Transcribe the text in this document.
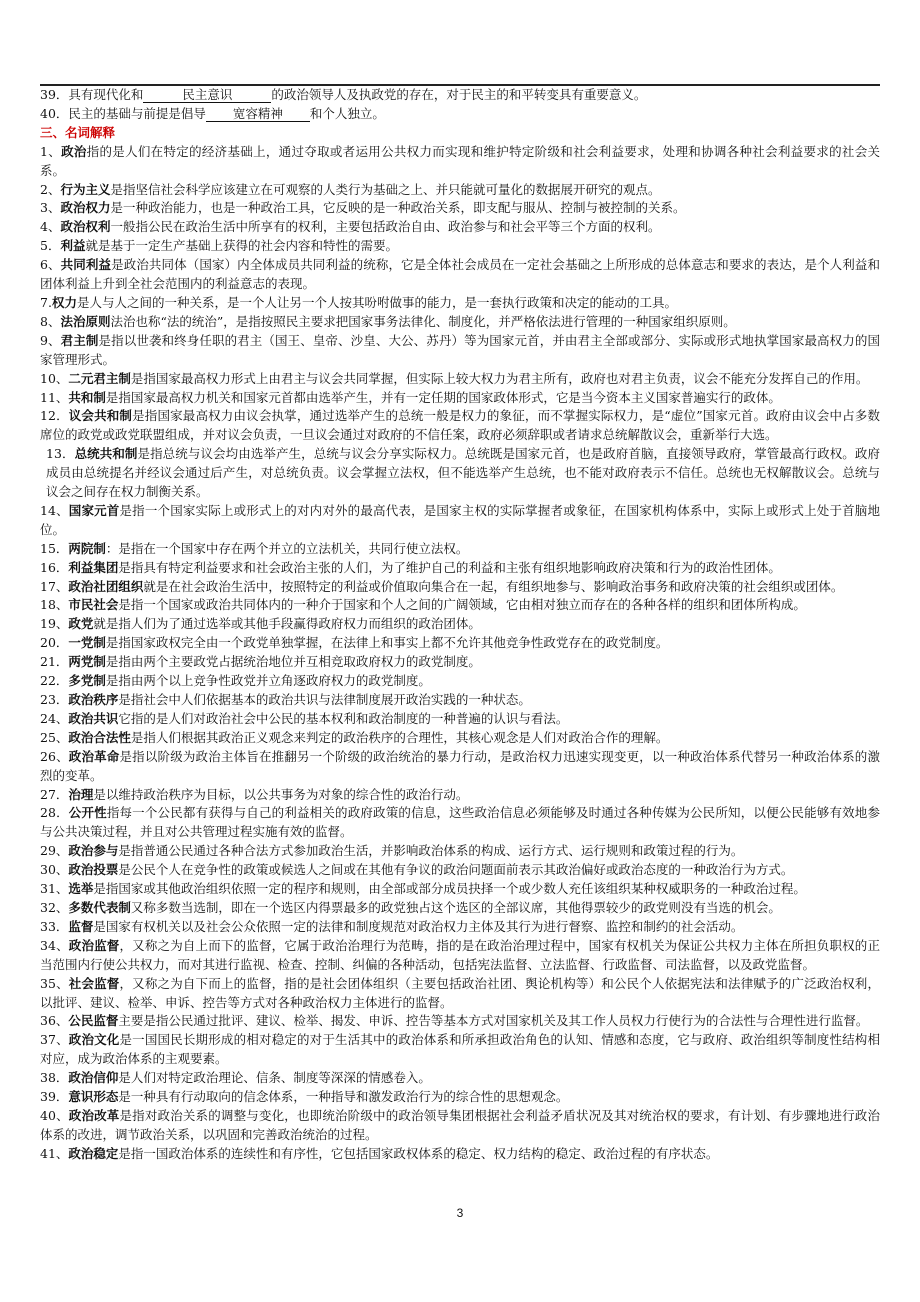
39．具有现代化和	民主意识	的政治领导人及执政党的存在，对于民主的和平转变具有重要意义。

40．民主的基础与前提是倡导 宽容精神 和个人独立。

三、名词解释

1、政治指的是人们在特定的经济基础上，通过夺取或者运用公共权力而实现和维护特定阶级和社会利益要求，处理和协调各种社会利益要求的社会关系。

2、行为主义是指坚信社会科学应该建立在可观察的人类行为基础之上、并只能就可量化的数据展开研究的观点。

3、政治权力是一种政治能力，也是一种政治工具，它反映的是一种政治关系，即支配与服从、控制与被控制的关系。

4、政治权利一般指公民在政治生活中所享有的权利，主要包括政治自由、政治参与和社会平等三个方面的权利。

5．利益就是基于一定生产基础上获得的社会内容和特性的需要。

6、共同利益是政治共同体（国家）内全体成员共同利益的统称，它是全体社会成员在一定社会基础之上所形成的总体意志和要求的表达，是个人利益和团体利益上升到全社会范围内的利益意志的表现。

7.权力是人与人之间的一种关系，是一个人让另一个人按其吩咐做事的能力，是一套执行政策和决定的能动的工具。

8、法治原则法治也称“法的统治”，是指按照民主要求把国家事务法律化、制度化，并严格依法进行管理的一种国家组织原则。

9、君主制是指以世袭和终身任职的君主（国王、皇帝、沙皇、大公、苏丹）等为国家元首，并由君主全部或部分、实际或形式地执掌国家最高权力的国家管理形式。

10、二元君主制是指国家最高权力形式上由君主与议会共同掌握，但实际上较大权力为君主所有，政府也对君主负责，议会不能充分发挥自己的作用。

11、共和制是指国家最高权力机关和国家元首都由选举产生，并有一定任期的国家政体形式，它是当今资本主义国家普遍实行的政体。

12．议会共和制是指国家最高权力由议会执掌，通过选举产生的总统一般是权力的象征，而不掌握实际权力，是“虚位”国家元首。政府由议会中占多数席位的政党或政党联盟组成，并对议会负责，一旦议会通过对政府的不信任案，政府必须辞职或者请求总统解散议会，重新举行大选。

13．总统共和制是指总统与议会均由选举产生，总统与议会分享实际权力。总统既是国家元首，也是政府首脑，直接领导政府，掌管最高行政权。政府成员由总统提名并经议会通过后产生，对总统负责。议会掌握立法权，但不能选举产生总统，也不能对政府表示不信任。总统也无权解散议会。总统与议会之间存在权力制衡关系。

14、国家元首是指一个国家实际上或形式上的对内对外的最高代表，是国家主权的实际掌握者或象征，在国家机构体系中，实际上或形式上处于首脑地位。

15．两院制：是指在一个国家中存在两个并立的立法机关，共同行使立法权。

16．利益集团是指具有特定利益要求和社会政治主张的人们，为了维护自己的利益和主张有组织地影响政府决策和行为的政治性团体。

17、政治社团组织就是在社会政治生活中，按照特定的利益或价值取向集合在一起，有组织地参与、影响政治事务和政府决策的社会组织或团体。

18、市民社会是指一个国家或政治共同体内的一种介于国家和个人之间的广阔领域，它由相对独立而存在的各种各样的组织和团体所构成。

19、政党就是指人们为了通过选举或其他手段赢得政府权力而组织的政治团体。

20．一党制是指国家政权完全由一个政党单独掌握，在法律上和事实上都不允许其他竞争性政党存在的政党制度。

21．两党制是指由两个主要政党占据统治地位并互相竞取政府权力的政党制度。

22．多党制是指由两个以上竞争性政党并立角逐政府权力的政党制度。

23．政治秩序是指社会中人们依据基本的政治共识与法律制度展开政治实践的一种状态。

24、政治共识它指的是人们对政治社会中公民的基本权利和政治制度的一种普遍的认识与看法。

25、政治合法性是指人们根据其政治正义观念来判定的政治秩序的合理性，其核心观念是人们对政治合作的理解。

26、政治革命是指以阶级为政治主体旨在推翻另一个阶级的政治统治的暴力行动，是政治权力迅速实现变更，以一种政治体系代替另一种政治体系的激烈的变革。

27．治理是以维持政治秩序为目标，以公共事务为对象的综合性的政治行动。

28．公开性指每一个公民都有获得与自己的利益相关的政府政策的信息，这些政治信息必须能够及时通过各种传媒为公民所知，以便公民能够有效地参与公共决策过程，并且对公共管理过程实施有效的监督。

29、政治参与是指普通公民通过各种合法方式参加政治生活，并影响政治体系的构成、运行方式、运行规则和政策过程的行为。

30、政治投票是公民个人在竞争性的政策或候选人之间或在其他有争议的政治问题面前表示其政治偏好或政治态度的一种政治行为方式。

31、选举是指国家或其他政治组织依照一定的程序和规则，由全部或部分成员抉择一个或少数人充任该组织某种权威职务的一种政治过程。

32、多数代表制又称多数当选制，即在一个选区内得票最多的政党独占这个选区的全部议席，其他得票较少的政党则没有当选的机会。

33．监督是国家有权机关以及社会公众依照一定的法律和制度规范对政治权力主体及其行为进行督察、监控和制约的社会活动。

34、政治监督，又称之为自上而下的监督，它属于政治治理行为范畴，指的是在政治治理过程中，国家有权机关为保证公共权力主体在所担负职权的正当范围内行使公共权力，而对其进行监视、检查、控制、纠偏的各种活动，包括宪法监督、立法监督、行政监督、司法监督，以及政党监督。

35、社会监督，又称之为自下而上的监督，指的是社会团体组织（主要包括政治社团、舆论机构等）和公民个人依据宪法和法律赋予的广泛政治权利，以批评、建议、检举、申诉、控告等方式对各种政治权力主体进行的监督。

36、公民监督主要是指公民通过批评、建议、检举、揭发、申诉、控告等基本方式对国家机关及其工作人员权力行使行为的合法性与合理性进行监督。

37、政治文化是一国国民长期形成的相对稳定的对于生活其中的政治体系和所承担政治角色的认知、情感和态度，它与政府、政治组织等制度性结构相对应，成为政治体系的主观要素。

38．政治信仰是人们对特定政治理论、信条、制度等深深的情感卷入。

39．意识形态是一种具有行动取向的信念体系，一种指导和激发政治行为的综合性的思想观念。

40、政治改革是指对政治关系的调整与变化，也即统治阶级中的政治领导集团根据社会利益矛盾状况及其对统治权的要求，有计划、有步骤地进行政治体系的改进，调节政治关系，以巩固和完善政治统治的过程。

41、政治稳定是指一国政治体系的连续性和有序性，它包括国家政权体系的稳定、权力结构的稳定、政治过程的有序状态。

3
